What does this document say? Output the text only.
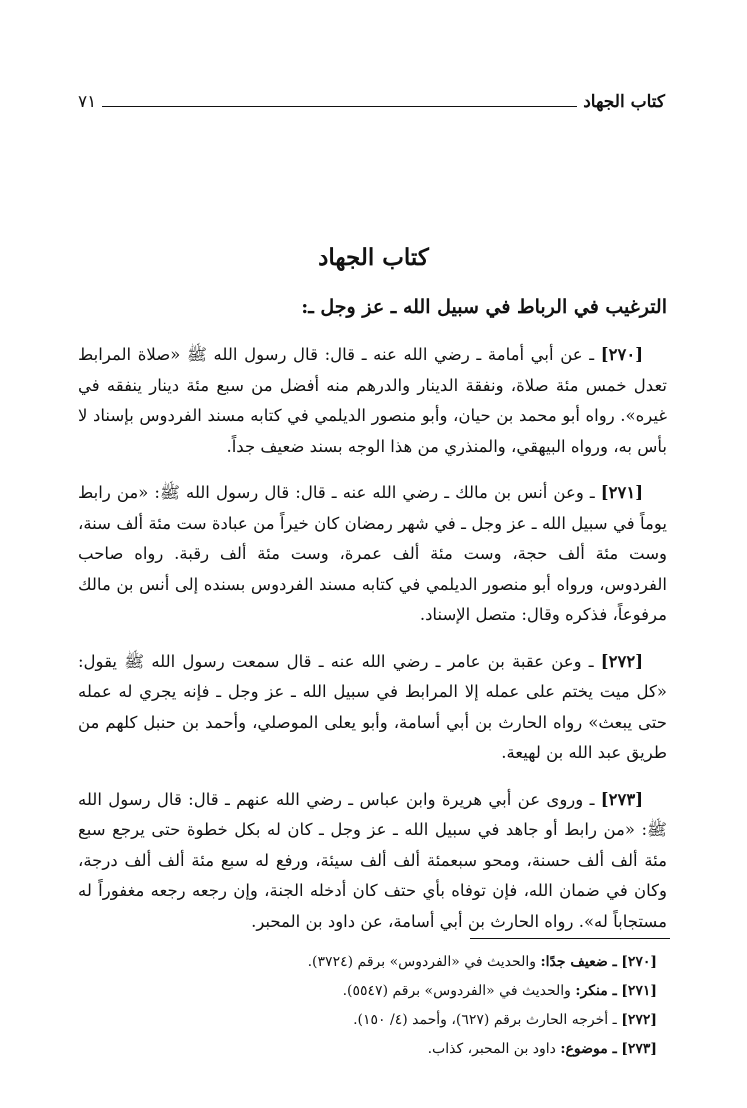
كتاب الجهاد
٧١
كتاب الجهاد
الترغيب في الرباط في سبيل الله ـ عز وجل ـ:

[٢٧٠] ـ عن أبي أمامة ـ رضي الله عنه ـ قال: قال رسول الله ﷺ «صلاة المرابط تعدل خمس مئة صلاة، ونفقة الدينار والدرهم منه أفضل من سبع مئة دينار ينفقه في غيره». رواه أبو محمد بن حيان، وأبو منصور الديلمي في كتابه مسند الفردوس بإسناد لا بأس به، ورواه البيهقي، والمنذري من هذا الوجه بسند ضعيف جداً.

[٢٧١] ـ وعن أنس بن مالك ـ رضي الله عنه ـ قال: قال رسول الله ﷺ: «من رابط يوماً في سبيل الله ـ عز وجل ـ في شهر رمضان كان خيراً من عبادة ست مئة ألف سنة، وست مئة ألف حجة، وست مئة ألف عمرة، وست مئة ألف رقبة. رواه صاحب الفردوس، ورواه أبو منصور الديلمي في كتابه مسند الفردوس بسنده إلى أنس بن مالك مرفوعاً، فذكره وقال: متصل الإسناد.

[٢٧٢] ـ وعن عقبة بن عامر ـ رضي الله عنه ـ قال سمعت رسول الله ﷺ يقول: «كل ميت يختم على عمله إلا المرابط في سبيل الله ـ عز وجل ـ فإنه يجري له عمله حتى يبعث» رواه الحارث بن أبي أسامة، وأبو يعلى الموصلي، وأحمد بن حنبل كلهم من طريق عبد الله بن لهيعة.

[٢٧٣] ـ وروى عن أبي هريرة وابن عباس ـ رضي الله عنهم ـ قال: قال رسول الله ﷺ: «من رابط أو جاهد في سبيل الله ـ عز وجل ـ كان له بكل خطوة حتى يرجع سبع مئة ألف ألف حسنة، ومحو سبعمئة ألف ألف سيئة، ورفع له سبع مئة ألف ألف درجة، وكان في ضمان الله، فإن توفاه بأي حتف كان أدخله الجنة، وإن رجعه رجعه مغفوراً له مستجاباً له». رواه الحارث بن أبي أسامة، عن داود بن المحبر.

[٢٧٠] ـ ضعيف جدًا: والحديث في «الفردوس» برقم (٣٧٢٤).

[٢٧١] ـ منكر: والحديث في «الفردوس» برقم (٥٥٤٧).

[٢٧٢] ـ أخرجه الحارث برقم (٦٢٧)، وأحمد (٤/ ١٥٠).

[٢٧٣] ـ موضوع: داود بن المحبر، كذاب.
